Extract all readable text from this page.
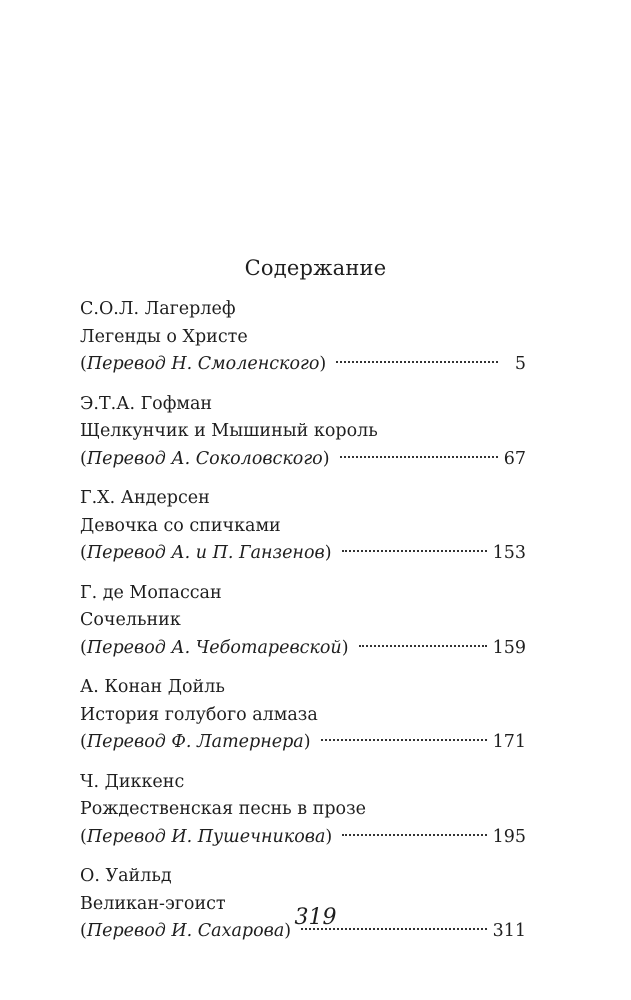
Содержание
С.О.Л. Лагерлеф
Легенды о Христе
(Перевод Н. Смоленского)	5
Э.Т.А. Гофман
Щелкунчик и Мышиный король
(Перевод А. Соколовского)	67
Г.Х. Андерсен
Девочка со спичками
(Перевод А. и П. Ганзенов)	153
Г. де Мопассан
Сочельник
(Перевод А. Чеботаревской)	159
А. Конан Дойль
История голубого алмаза
(Перевод Ф. Латернера)	171
Ч. Диккенс
Рождественская песнь в прозе
(Перевод И. Пушечникова)	195
О. Уайльд
Великан-эгоист
(Перевод И. Сахарова)	311
319
